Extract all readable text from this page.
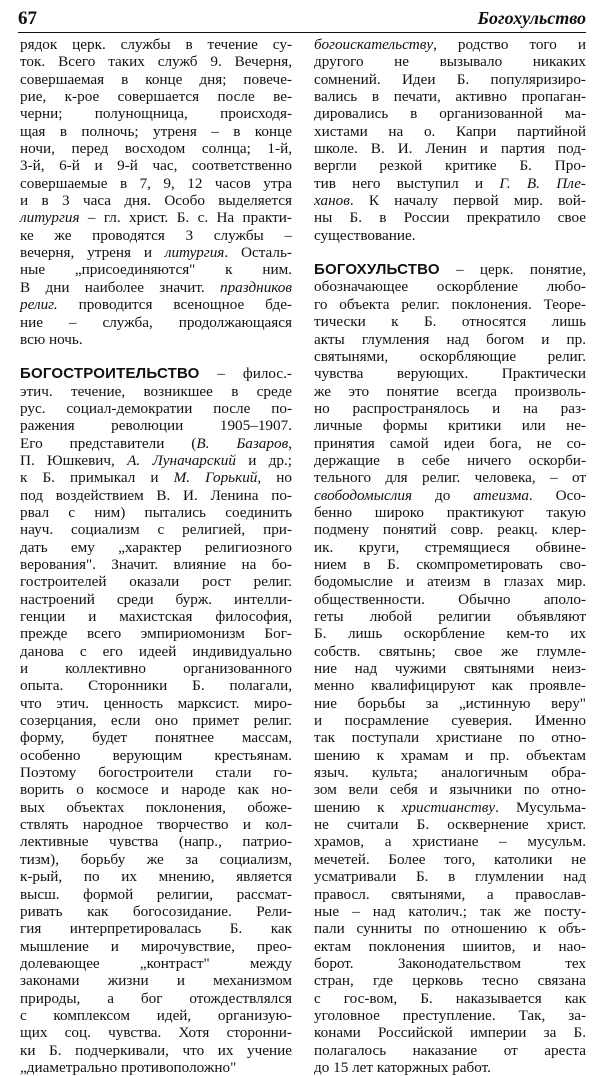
67	Богохульство
рядок церк. службы в течение су-
ток. Всего таких служб 9. Вечерня,
совершаемая в конце дня; повече-
рие, к-рое совершается после ве-
черни; полунощница, происходя-
щая в полночь; утреня – в конце
ночи, перед восходом солнца; 1-й,
3-й, 6-й и 9-й час, соответственно
совершаемые в 7, 9, 12 часов утра
и в 3 часа дня. Особо выделяется
литургия – гл. христ. Б. с. На практи-
ке же проводятся 3 службы –
вечерня, утреня и литургия. Осталь-
ные „присоединяются" к ним.
В дни наиболее значит. праздников
религ. проводится всенощное бде-
ние – служба, продолжающаяся
всю ночь.
БОГОСТРОИТЕЛЬСТВО – филос.-
этич. течение, возникшее в среде
рус. социал-демократии после по-
ражения революции 1905–1907.
Его представители (В. Базаров,
П. Юшкевич, А. Луначарский и др.;
к Б. примыкал и М. Горький, но
под воздействием В. И. Ленина по-
рвал с ним) пытались соединить
науч. социализм с религией, при-
дать ему „характер религиозного
верования". Значит. влияние на бо-
гостроителей оказали рост религ.
настроений среди бурж. интелли-
генции и махистская философия,
прежде всего эмпириомонизм Бог-
данова с его идеей индивидуально
и коллективно организованного
опыта. Сторонники Б. полагали,
что этич. ценность марксист. миро-
созерцания, если оно примет религ.
форму, будет понятнее массам,
особенно верующим крестьянам.
Поэтому богостроители стали го-
ворить о космосе и народе как но-
вых объектах поклонения, обоже-
ствлять народное творчество и кол-
лективные чувства (напр., патрио-
тизм), борьбу же за социализм,
к-рый, по их мнению, является
высш. формой религии, рассмат-
ривать как богосозидание. Рели-
гия интерпретировалась Б. как
мышление и мирочувствие, прео-
долевающее „контраст" между
законами жизни и механизмом
природы, а бог отождествлялся
с комплексом идей, организую-
щих соц. чувства. Хотя сторонни-
ки Б. подчеркивали, что их учение
„диаметрально противоположно"
богоискательству, родство того и
другого не вызывало никаких
сомнений. Идеи Б. популяризиро-
вались в печати, активно пропаган-
дировались в организованной ма-
хистами на о. Капри партийной
школе. В. И. Ленин и партия под-
вергли резкой критике Б. Про-
тив него выступил и Г. В. Пле-
ханов. К началу первой мир. вой-
ны Б. в России прекратило свое
существование.
БОГОХУЛЬСТВО – церк. понятие,
обозначающее оскорбление любо-
го объекта религ. поклонения. Теоре-
тически к Б. относятся лишь
акты глумления над богом и пр.
святынями, оскорбляющие религ.
чувства верующих. Практически
же это понятие всегда произволь-
но распространялось и на раз-
личные формы критики или не-
принятия самой идеи бога, не со-
держащие в себе ничего оскорби-
тельного для религ. человека, – от
свободомыслия до атеизма. Осо-
бенно широко практикуют такую
подмену понятий совр. реакц. клер-
ик. круги, стремящиеся обвине-
нием в Б. скомпрометировать сво-
бодомыслие и атеизм в глазах мир.
общественности. Обычно аполо-
геты любой религии объявляют
Б. лишь оскорбление кем-то их
собств. святынь; свое же глумле-
ние над чужими святынями неиз-
менно квалифицируют как проявле-
ние борьбы за „истинную веру"
и посрамление суеверия. Именно
так поступали христиане по отно-
шению к храмам и пр. объектам
языч. культа; аналогичным обра-
зом вели себя и язычники по отно-
шению к христианству. Мусульма-
не считали Б. осквернение христ.
храмов, а христиане – мусульм.
мечетей. Более того, католики не
усматривали Б. в глумлении над
правосл. святынями, а православ-
ные – над католич.; так же посту-
пали сунниты по отношению к объ-
ектам поклонения шиитов, и нао-
борот. Законодательством тех
стран, где церковь тесно связана
с гос-вом, Б. наказывается как
уголовное преступление. Так, за-
конами Российской империи за Б.
полагалось наказание от ареста
до 15 лет каторжных работ.
